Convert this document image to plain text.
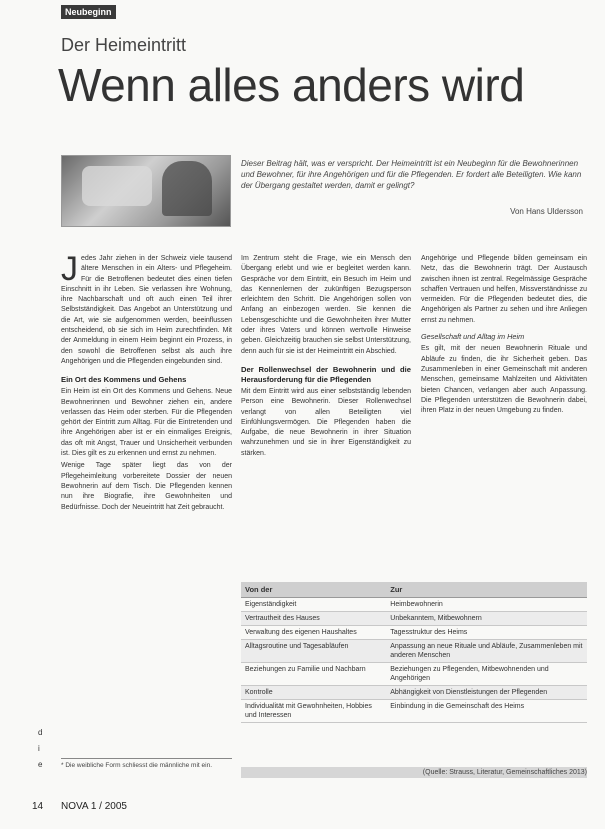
Neubeginn
Der Heimeintritt
Wenn alles anders wird
Dieser Beitrag hält, was er verspricht. Der Heimeintritt ist ein Neubeginn für die Bewohnerinnen und Bewohner, für ihre Angehörigen und für die Pflegenden. Er fordert alle Beteiligten. Wie kann der Übergang gestaltet werden, damit er gelingt?
Von Hans Uldersson
J edes Jahr ziehen in der Schweiz viele tausend ältere Menschen in ein Alters- und Pflegeheim. Für die Betroffenen bedeutet dies einen tiefen Einschnitt in ihr Leben. Sie verlassen ihre Wohnung, ihre Nachbarschaft und oft auch einen Teil ihrer Selbstständigkeit. Das Angebot an Unterstützung und die Art, wie sie aufgenommen werden, beeinflussen entscheidend, ob sie sich im Heim zurechtfinden. Mit der Anmeldung in einem Heim beginnt ein Prozess, in den sowohl die Betroffenen selbst als auch ihre Angehörigen und die Pflegenden eingebunden sind.

Ein Ort des Kommens und Gehens

Ein Heim ist ein Ort des Kommens und Gehens. Neue Bewohnerinnen und Bewohner ziehen ein, andere verlassen das Heim oder sterben. Für die Pflegenden gehört der Eintritt zum Alltag. Für die Eintretenden und ihre Angehörigen aber ist er ein einmaliges Ereignis, das oft mit Angst, Trauer und Unsicherheit verbunden ist. Dies gilt es zu erkennen und ernst zu nehmen.

Wenige Tage später liegt das von der Pflegeheimleitung vorbereitete Dossier der neuen Bewohnerin auf dem Tisch. Die Pflegenden kennen nun ihre Biografie, ihre Gewohnheiten und Bedürfnisse. Doch der Neueintritt hat Zeit gebraucht.

* Die weibliche Form schliesst die männliche mit ein.

Im Zentrum steht die Frage, wie ein Mensch den Übergang erlebt und wie er begleitet werden kann. Gespräche vor dem Eintritt, ein Besuch im Heim und das Kennenlernen der zukünftigen Bezugsperson erleichtern den Schritt. Die Angehörigen sollen von Anfang an einbezogen werden. Sie kennen die Lebensgeschichte und die Gewohnheiten ihrer Mutter oder ihres Vaters und können wertvolle Hinweise geben. Gleichzeitig brauchen sie selbst Unterstützung, denn auch für sie ist der Heimeintritt ein Abschied.

Der Rollenwechsel der Bewohnerin und die Herausforderung für die Pflegenden

Mit dem Eintritt wird aus einer selbstständig lebenden Person eine Bewohnerin. Dieser Rollenwechsel verlangt von allen Beteiligten viel Einfühlungsvermögen. Die Pflegenden haben die Aufgabe, die neue Bewohnerin in ihrer Situation wahrzunehmen und sie in ihrer Eigenständigkeit zu stärken.

Angehörige und Pflegende bilden gemeinsam ein Netz, das die Bewohnerin trägt. Der Austausch zwischen ihnen ist zentral. Regelmässige Gespräche schaffen Vertrauen und helfen, Missverständnisse zu vermeiden. Für die Pflegenden bedeutet dies, die Angehörigen als Partner zu sehen und ihre Anliegen ernst zu nehmen.

Gesellschaft und Alltag im Heim

Es gilt, mit der neuen Bewohnerin Rituale und Abläufe zu finden, die ihr Sicherheit geben. Das Zusammenleben in einer Gemeinschaft mit anderen Menschen, gemeinsame Mahlzeiten und Aktivitäten bieten Chancen, verlangen aber auch Anpassung. Die Pflegenden unterstützen die Bewohnerin dabei, ihren Platz in der neuen Umgebung zu finden.

Von der	Zur
Eigenständigkeit	Heimbewohnerin
Vertrautheit des Hauses	Unbekanntem, Mitbewohnern
Verwaltung des eigenen Haushaltes	Tagesstruktur des Heims
Alltagsroutine und Tagesabläufen	Anpassung an neue Rituale und Abläufe, Zusammenleben mit anderen Menschen
Beziehungen zu Familie und Nachbarn	Beziehungen zu Pflegenden, Mitbewohnenden und Angehörigen
Kontrolle	Abhängigkeit von Dienstleistungen der Pflegenden
Individualität mit Gewohnheiten, Hobbies und Interessen	Einbindung in die Gemeinschaft des Heims
(Quelle: Strauss, Literatur, Gemeinschaftliches 2013)
d
i
e
14 NOVA 1 / 2005
